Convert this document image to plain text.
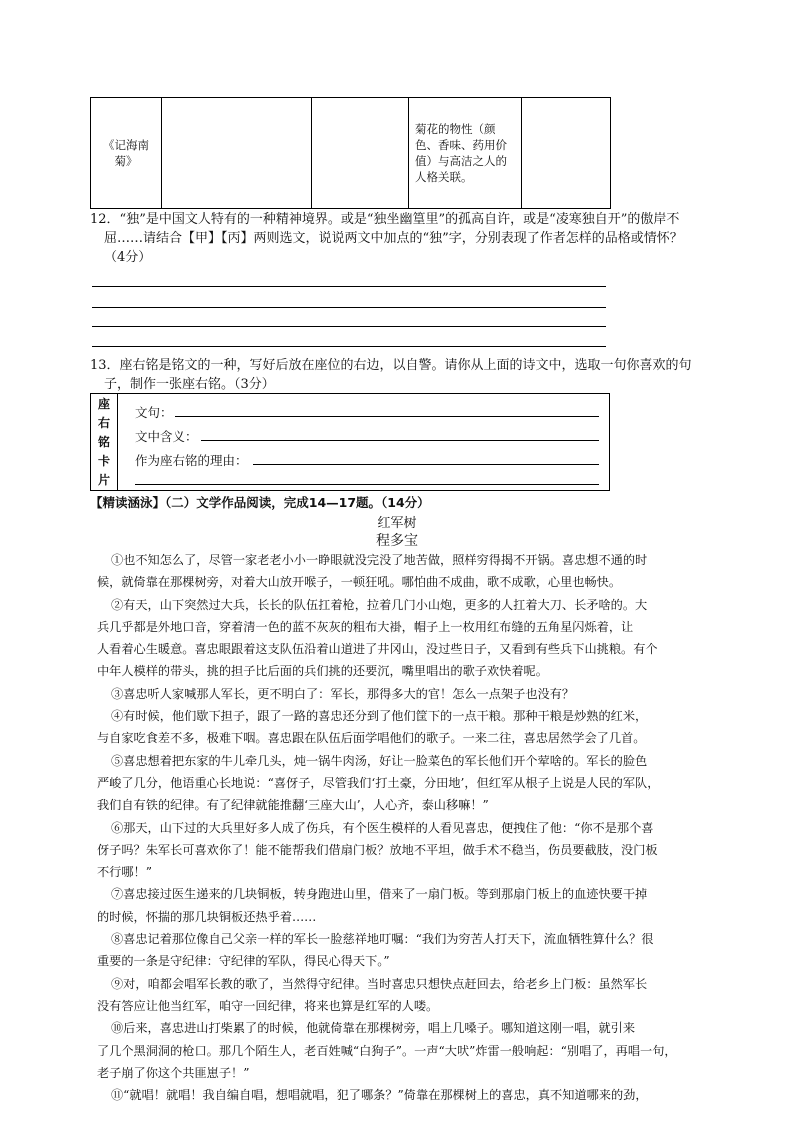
《记海南菊》			菊花的物性（颜色、香味、药用价值）与高洁之人的人格关联。	
12．“独”是中国文人特有的一种精神境界。或是“独坐幽篁里”的孤高自许，或是“凌寒独自开”的傲岸不
屈……请结合【甲】【丙】两则选文，说说两文中加点的“独”字，分别表现了作者怎样的品格或情怀？
（4分）
13．座右铭是铭文的一种，写好后放在座位的右边，以自警。请你从上面的诗文中，选取一句你喜欢的句
子，制作一张座右铭。（3分）
座
右
铭
卡
片
文句：
文中含义：
作为座右铭的理由：
【精读涵泳】（二）文学作品阅读，完成14—17题。（14分）
红军树
程多宝
①也不知怎么了，尽管一家老老小小一睁眼就没完没了地苦做，照样穷得揭不开锅。喜忠想不通的时
候，就倚靠在那棵树旁，对着大山放开喉子，一顿狂吼。哪怕曲不成曲，歌不成歌，心里也畅快。
②有天，山下突然过大兵，长长的队伍扛着枪，拉着几门小山炮，更多的人扛着大刀、长矛啥的。大
兵几乎都是外地口音，穿着清一色的蓝不灰灰的粗布大褂，帽子上一枚用红布缝的五角星闪烁着，让
人看着心生暖意。喜忠眼跟着这支队伍沿着山道进了井冈山，没过些日子，又看到有些兵下山挑粮。有个
中年人模样的带头，挑的担子比后面的兵们挑的还要沉，嘴里唱出的歌子欢快着呢。
③喜忠听人家喊那人军长，更不明白了：军长，那得多大的官！怎么一点架子也没有？
④有时候，他们歇下担子，跟了一路的喜忠还分到了他们筐下的一点干粮。那种干粮是炒熟的红米，
与自家吃食差不多，极难下咽。喜忠跟在队伍后面学唱他们的歌子。一来二往，喜忠居然学会了几首。
⑤喜忠想着把东家的牛儿牵几头，炖一锅牛肉汤，好让一脸菜色的军长他们开个荤啥的。军长的脸色
严峻了几分，他语重心长地说：“喜伢子，尽管我们‘打土豪，分田地’，但红军从根子上说是人民的军队，
我们自有铁的纪律。有了纪律就能推翻‘三座大山’，人心齐，泰山移嘛！”
⑥那天，山下过的大兵里好多人成了伤兵，有个医生模样的人看见喜忠，便拽住了他：“你不是那个喜
伢子吗？朱军长可喜欢你了！能不能帮我们借扇门板？放地不平坦，做手术不稳当，伤员要截肢，没门板
不行哪！”
⑦喜忠接过医生递来的几块铜板，转身跑进山里，借来了一扇门板。等到那扇门板上的血迹快要干掉
的时候，怀揣的那几块铜板还热乎着……
⑧喜忠记着那位像自己父亲一样的军长一脸慈祥地叮嘱：“我们为穷苦人打天下，流血牺牲算什么？很
重要的一条是守纪律：守纪律的军队，得民心得天下。”
⑨对，咱都会唱军长教的歌了，当然得守纪律。当时喜忠只想快点赶回去，给老乡上门板：虽然军长
没有答应让他当红军，咱守一回纪律，将来也算是红军的人喽。
⑩后来，喜忠进山打柴累了的时候，他就倚靠在那棵树旁，唱上几嗓子。哪知道这刚一唱，就引来
了几个黑洞洞的枪口。那几个陌生人，老百姓喊“白狗子”。一声“大吠”炸雷一般响起：“别唱了，再唱一句，
老子崩了你这个共匪崽子！”
⑪“就唱！就唱！我自编自唱，想唱就唱，犯了哪条？”倚靠在那棵树上的喜忠，真不知道哪来的劲，
